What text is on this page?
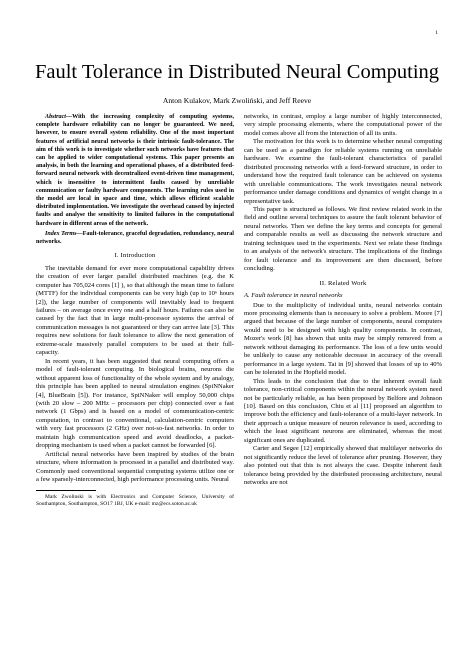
1
Fault Tolerance in Distributed Neural Computing
Anton Kulakov, Mark Zwoliński, and Jeff Reeve

Abstract—With the increasing complexity of computing systems, complete hardware reliability can no longer be guaranteed. We need, however, to ensure overall system reliability. One of the most important features of artificial neural networks is their intrinsic fault-tolerance. The aim of this work is to investigate whether such networks have features that can be applied to wider computational systems. This paper presents an analysis, in both the learning and operational phases, of a distributed feed-forward neural network with decentralized event-driven time management, which is insensitive to intermittent faults caused by unreliable communication or faulty hardware components. The learning rules used in the model are local in space and time, which allows efficient scalable distributed implementation. We investigate the overhead caused by injected faults and analyse the sensitivity to limited failures in the computational hardware in different areas of the network.

Index Terms—Fault-tolerance, graceful degradation, redundancy, neural networks.

I. Introduction

The inevitable demand for ever more computational capability drives the creation of ever larger parallel distributed machines (e.g. the K computer has 705,024 cores [1] ), so that although the mean time to failure (MTTF) for the individual components can be very high (up to 10⁶ hours [2]), the large number of components will inevitably lead to frequent failures – on average once every one and a half hours. Failures can also be caused by the fact that in large multi-processor systems the arrival of communication messages is not guaranteed or they can arrive late [3]. This requires new solutions for fault tolerance to allow the next generation of extreme-scale massively parallel computers to be used at their full-capacity.

In recent years, it has been suggested that neural computing offers a model of fault-tolerant computing. In biological brains, neurons die without apparent loss of functionality of the whole system and by analogy, this principle has been applied to neural simulation engines (SpiNNaker [4], BlueBrain [5]). For instance, SpiNNaker will employ 50,000 chips (with 20 slow – 200 MHz – processors per chip) connected over a fast network (1 Gbps) and is based on a model of communication-centric computation, in contrast to conventional, calculation-centric computers with very fast processors (2 GHz) over not-so-fast networks. In order to maintain high communication speed and avoid deadlocks, a packet-dropping mechanism is used when a packet cannot be forwarded [6].

Artificial neural networks have been inspired by studies of the brain structure, where information is processed in a parallel and distributed way. Commonly used conventional sequential computing systems utilize one or a few sparsely-interconnected, high performance processing units. Neural

Mark Zwolinski is with Electronics and Computer Science, University of Southampton, Southampton, SO17 1BJ, UK e-mail: mz@ecs.soton.ac.uk

networks, in contrast, employ a large number of highly interconnected, very simple processing elements, where the computational power of the model comes above all from the interaction of all its units.

The motivation for this work is to determine whether neural computing can be used as a paradigm for reliable systems running on unreliable hardware. We examine the fault-tolerant characteristics of parallel distributed processing networks with a feed-forward structure, in order to understand how the required fault tolerance can be achieved on systems with unreliable communications. The work investigates neural network performance under damage conditions and dynamics of weight change in a representative task.

This paper is structured as follows. We first review related work in the field and outline several techniques to assure the fault tolerant behavior of neural networks. Then we define the key terms and concepts for general and comparable results as well as discussing the network structure and training techniques used in the experiments. Next we relate these findings to an analysis of the network's structure. The implications of the findings for fault tolerance and its improvement are then discussed, before concluding.

II. Related Work

A. Fault tolerance in neural networks

Due to the multiplicity of individual units, neural networks contain more processing elements than is necessary to solve a problem. Moore [7] argued that because of the large number of components, neural computers would need to be designed with high quality components. In contrast, Mozer's work [8] has shown that units may be simply removed from a network without damaging its performance. The loss of a few units would be unlikely to cause any noticeable decrease in accuracy of the overall performance in a large system. Tai in [9] showed that losses of up to 40% can be tolerated in the Hopfield model.

This leads to the conclusion that due to the inherent overall fault tolerance, non-critical components within the neural network system need not be particularly reliable, as has been proposed by Belfore and Johnson [10]. Based on this conclusion, Chiu et al [11] proposed an algorithm to improve both the efficiency and fault-tolerance of a multi-layer network. In their approach a unique measure of neuron relevance is used, according to which the least significant neurons are eliminated, whereas the most significant ones are duplicated.

Carter and Segee [12] empirically showed that multilayer networks do not significantly reduce the level of tolerance after pruning. However, they also pointed out that this is not always the case. Despite inherent fault tolerance being provided by the distributed processing architecture, neural networks are not
